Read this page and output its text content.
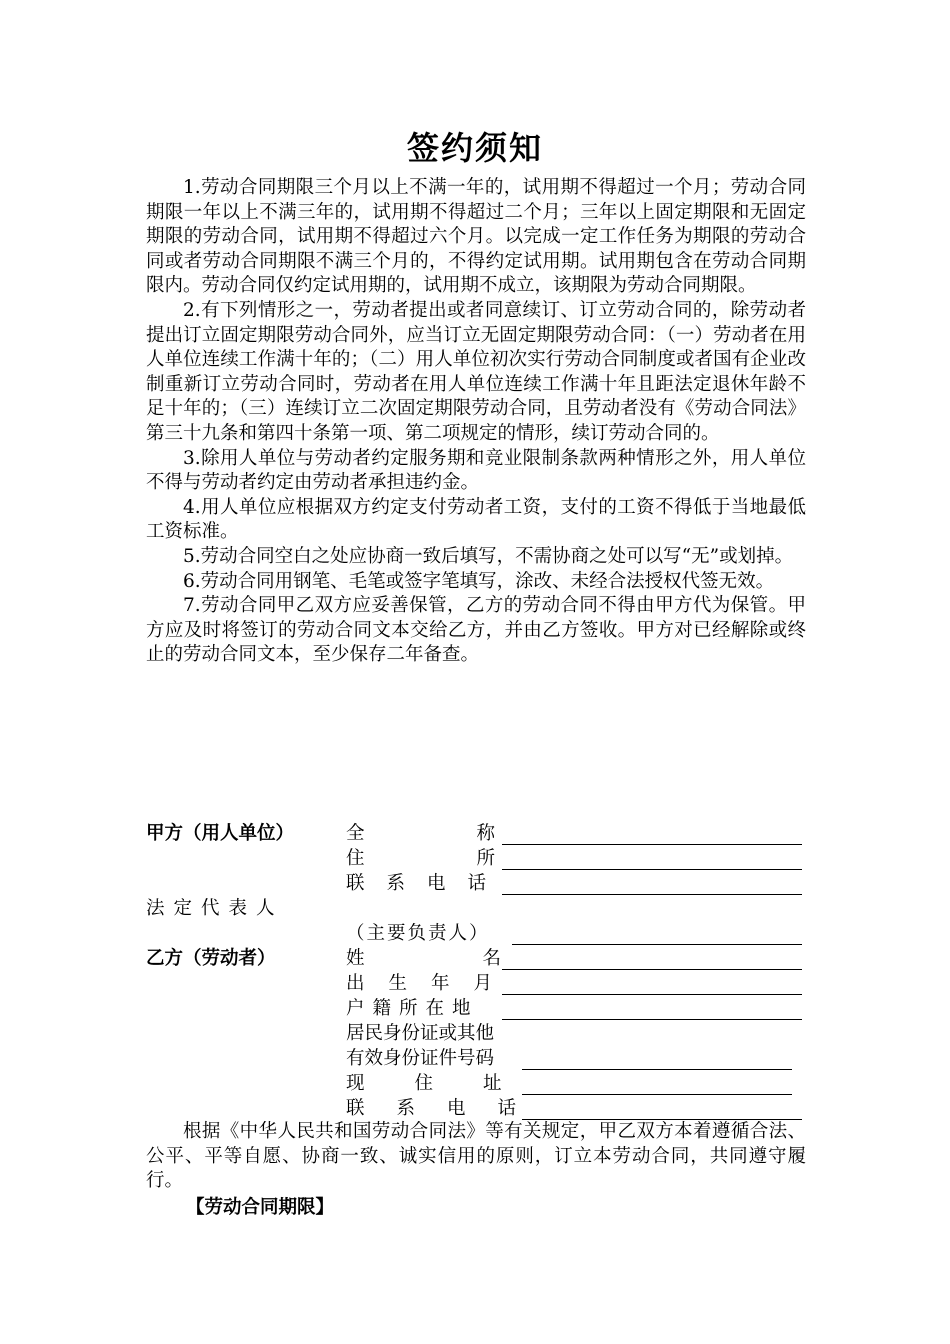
签约须知

1.劳动合同期限三个月以上不满一年的，试用期不得超过一个月；劳动合同期限一年以上不满三年的，试用期不得超过二个月；三年以上固定期限和无固定期限的劳动合同，试用期不得超过六个月。以完成一定工作任务为期限的劳动合同或者劳动合同期限不满三个月的，不得约定试用期。试用期包含在劳动合同期限内。劳动合同仅约定试用期的，试用期不成立，该期限为劳动合同期限。

2.有下列情形之一，劳动者提出或者同意续订、订立劳动合同的，除劳动者提出订立固定期限劳动合同外，应当订立无固定期限劳动合同：（一）劳动者在用人单位连续工作满十年的；（二）用人单位初次实行劳动合同制度或者国有企业改制重新订立劳动合同时，劳动者在用人单位连续工作满十年且距法定退休年龄不足十年的；（三）连续订立二次固定期限劳动合同，且劳动者没有《劳动合同法》第三十九条和第四十条第一项、第二项规定的情形，续订劳动合同的。

3.除用人单位与劳动者约定服务期和竞业限制条款两种情形之外，用人单位不得与劳动者约定由劳动者承担违约金。

4.用人单位应根据双方约定支付劳动者工资，支付的工资不得低于当地最低工资标准。

5.劳动合同空白之处应协商一致后填写，不需协商之处可以写“无”或划掉。

6.劳动合同用钢笔、毛笔或签字笔填写，涂改、未经合法授权代签无效。

7.劳动合同甲乙双方应妥善保管，乙方的劳动合同不得由甲方代为保管。甲方应及时将签订的劳动合同文本交给乙方，并由乙方签收。甲方对已经解除或终止的劳动合同文本，至少保存二年备查。

甲方（用人单位）	全称
住所
联系电话
法定代表人
（主要负责人）
乙方（劳动者）	姓名
出生年月
户籍所在地
居民身份证或其他
有效身份证件号码
现住址
联系电话

根据《中华人民共和国劳动合同法》等有关规定，甲乙双方本着遵循合法、公平、平等自愿、协商一致、诚实信用的原则，订立本劳动合同，共同遵守履行。

【劳动合同期限】
